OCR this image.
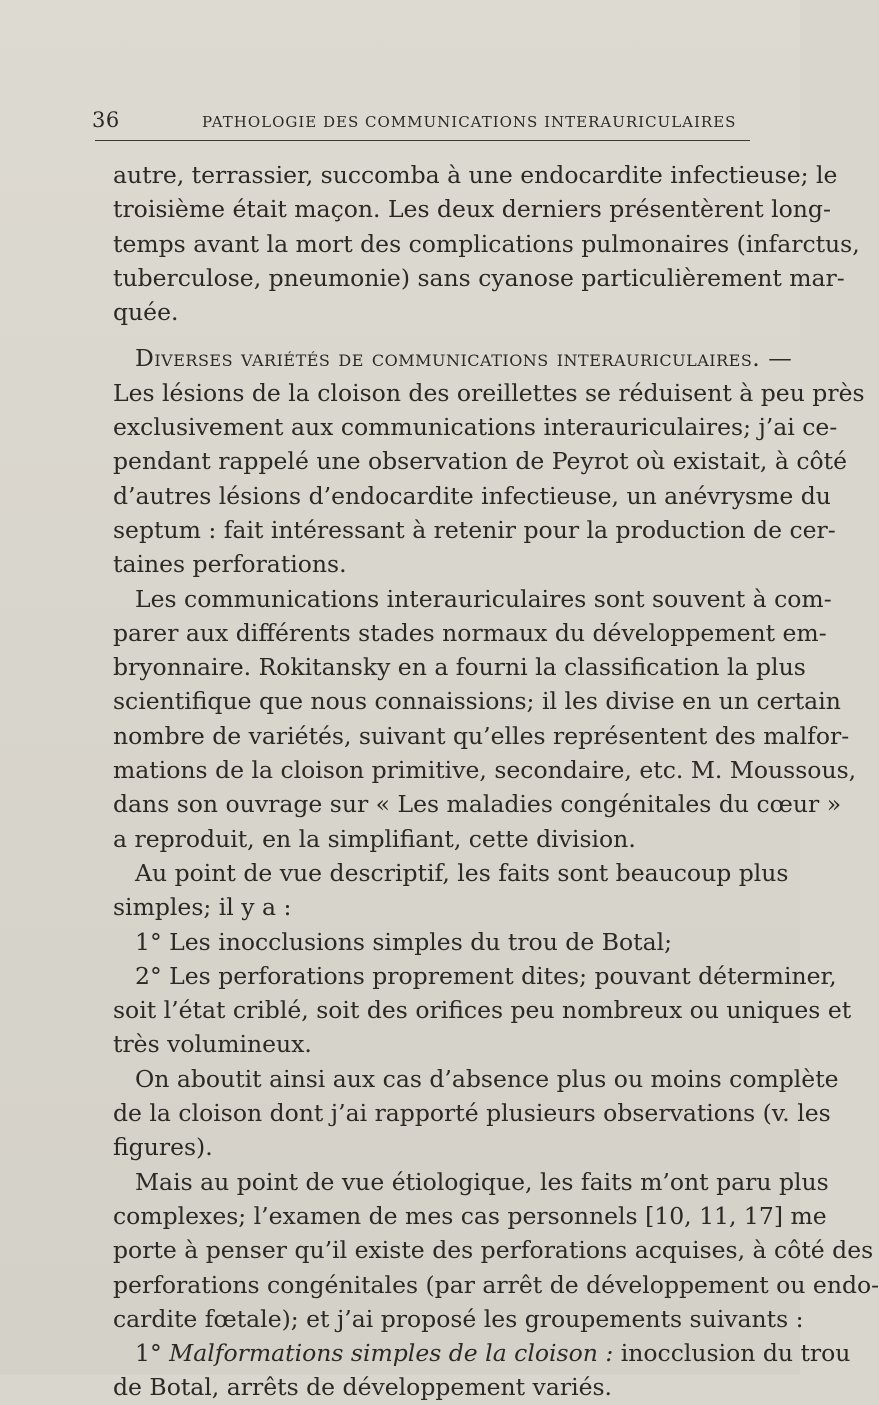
36	PATHOLOGIE DES COMMUNICATIONS INTERAURICULAIRES
autre, terrassier, succomba à une endocardite infectieuse; le
troisième était maçon. Les deux derniers présentèrent long-
temps avant la mort des complications pulmonaires (infarctus,
tuberculose, pneumonie) sans cyanose particulièrement mar-
quée.
Diverses variétés de communications interauriculaires. —
Les lésions de la cloison des oreillettes se réduisent à peu près
exclusivement aux communications interauriculaires; j’ai ce-
pendant rappelé une observation de Peyrot où existait, à côté
d’autres lésions d’endocardite infectieuse, un anévrysme du
septum : fait intéressant à retenir pour la production de cer-
taines perforations.
Les communications interauriculaires sont souvent à com-
parer aux différents stades normaux du développement em-
bryonnaire. Rokitansky en a fourni la classification la plus
scientifique que nous connaissions; il les divise en un certain
nombre de variétés, suivant qu’elles représentent des malfor-
mations de la cloison primitive, secondaire, etc. M. Moussous,
dans son ouvrage sur « Les maladies congénitales du cœur »
a reproduit, en la simplifiant, cette division.
Au point de vue descriptif, les faits sont beaucoup plus
simples; il y a :
1° Les inocclusions simples du trou de Botal;
2° Les perforations proprement dites; pouvant déterminer,
soit l’état criblé, soit des orifices peu nombreux ou uniques et
très volumineux.
On aboutit ainsi aux cas d’absence plus ou moins complète
de la cloison dont j’ai rapporté plusieurs observations (v. les
figures).
Mais au point de vue étiologique, les faits m’ont paru plus
complexes; l’examen de mes cas personnels [10, 11, 17] me
porte à penser qu’il existe des perforations acquises, à côté des
perforations congénitales (par arrêt de développement ou endo-
cardite fœtale); et j’ai proposé les groupements suivants :
1° Malformations simples de la cloison : inocclusion du trou
de Botal, arrêts de développement variés.
